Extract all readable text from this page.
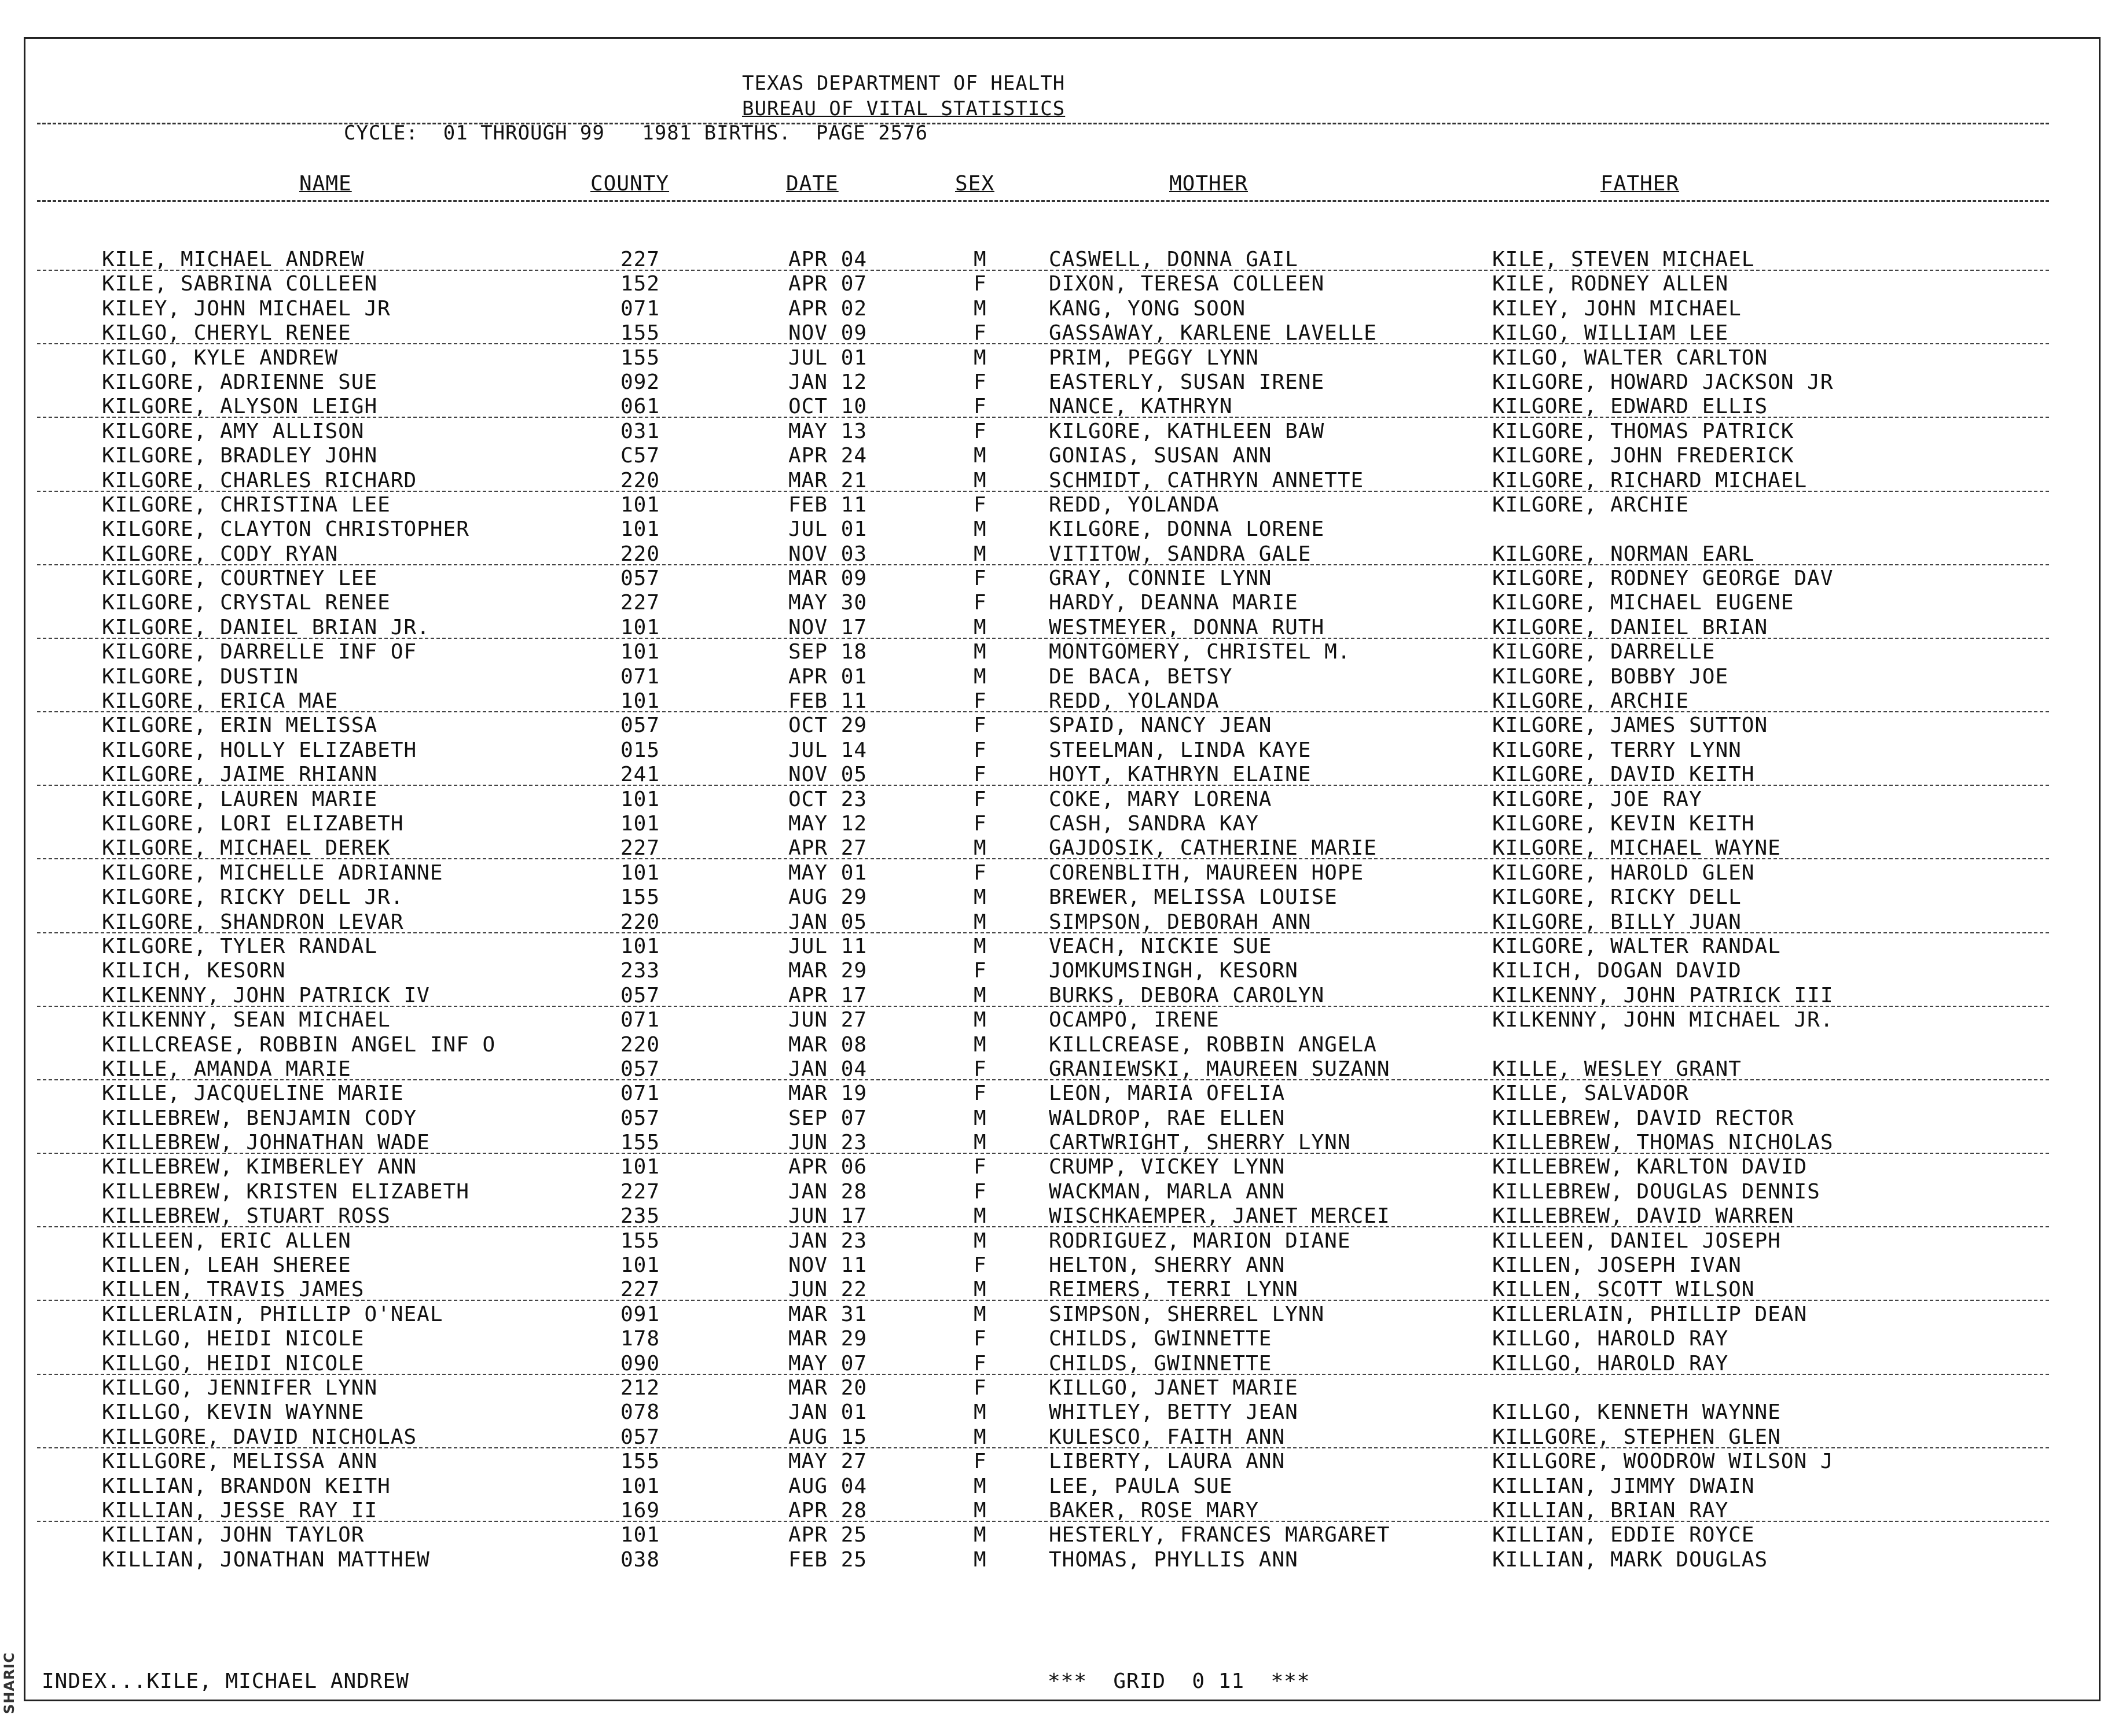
SHARIC
TEXAS DEPARTMENT OF HEALTH
BUREAU OF VITAL STATISTICS
CYCLE:  01 THROUGH 99   1981 BIRTHS.  PAGE 2576
NAME	COUNTY	DATE	SEX	MOTHER	FATHER
KILE, MICHAEL ANDREW	227	APR 04	M	CASWELL, DONNA GAIL	KILE, STEVEN MICHAEL
KILE, SABRINA COLLEEN	152	APR 07	F	DIXON, TERESA COLLEEN	KILE, RODNEY ALLEN
KILEY, JOHN MICHAEL JR	071	APR 02	M	KANG, YONG SOON	KILEY, JOHN MICHAEL
KILGO, CHERYL RENEE	155	NOV 09	F	GASSAWAY, KARLENE LAVELLE	KILGO, WILLIAM LEE
KILGO, KYLE ANDREW	155	JUL 01	M	PRIM, PEGGY LYNN	KILGO, WALTER CARLTON
KILGORE, ADRIENNE SUE	092	JAN 12	F	EASTERLY, SUSAN IRENE	KILGORE, HOWARD JACKSON JR
KILGORE, ALYSON LEIGH	061	OCT 10	F	NANCE, KATHRYN	KILGORE, EDWARD ELLIS
KILGORE, AMY ALLISON	031	MAY 13	F	KILGORE, KATHLEEN BAW	KILGORE, THOMAS PATRICK
KILGORE, BRADLEY JOHN	C57	APR 24	M	GONIAS, SUSAN ANN	KILGORE, JOHN FREDERICK
KILGORE, CHARLES RICHARD	220	MAR 21	M	SCHMIDT, CATHRYN ANNETTE	KILGORE, RICHARD MICHAEL
KILGORE, CHRISTINA LEE	101	FEB 11	F	REDD, YOLANDA	KILGORE, ARCHIE
KILGORE, CLAYTON CHRISTOPHER	101	JUL 01	M	KILGORE, DONNA LORENE
KILGORE, CODY RYAN	220	NOV 03	M	VITITOW, SANDRA GALE	KILGORE, NORMAN EARL
KILGORE, COURTNEY LEE	057	MAR 09	F	GRAY, CONNIE LYNN	KILGORE, RODNEY GEORGE DAV
KILGORE, CRYSTAL RENEE	227	MAY 30	F	HARDY, DEANNA MARIE	KILGORE, MICHAEL EUGENE
KILGORE, DANIEL BRIAN JR.	101	NOV 17	M	WESTMEYER, DONNA RUTH	KILGORE, DANIEL BRIAN
KILGORE, DARRELLE INF OF	101	SEP 18	M	MONTGOMERY, CHRISTEL M.	KILGORE, DARRELLE
KILGORE, DUSTIN	071	APR 01	M	DE BACA, BETSY	KILGORE, BOBBY JOE
KILGORE, ERICA MAE	101	FEB 11	F	REDD, YOLANDA	KILGORE, ARCHIE
KILGORE, ERIN MELISSA	057	OCT 29	F	SPAID, NANCY JEAN	KILGORE, JAMES SUTTON
KILGORE, HOLLY ELIZABETH	015	JUL 14	F	STEELMAN, LINDA KAYE	KILGORE, TERRY LYNN
KILGORE, JAIME RHIANN	241	NOV 05	F	HOYT, KATHRYN ELAINE	KILGORE, DAVID KEITH
KILGORE, LAUREN MARIE	101	OCT 23	F	COKE, MARY LORENA	KILGORE, JOE RAY
KILGORE, LORI ELIZABETH	101	MAY 12	F	CASH, SANDRA KAY	KILGORE, KEVIN KEITH
KILGORE, MICHAEL DEREK	227	APR 27	M	GAJDOSIK, CATHERINE MARIE	KILGORE, MICHAEL WAYNE
KILGORE, MICHELLE ADRIANNE	101	MAY 01	F	CORENBLITH, MAUREEN HOPE	KILGORE, HAROLD GLEN
KILGORE, RICKY DELL JR.	155	AUG 29	M	BREWER, MELISSA LOUISE	KILGORE, RICKY DELL
KILGORE, SHANDRON LEVAR	220	JAN 05	M	SIMPSON, DEBORAH ANN	KILGORE, BILLY JUAN
KILGORE, TYLER RANDAL	101	JUL 11	M	VEACH, NICKIE SUE	KILGORE, WALTER RANDAL
KILICH, KESORN	233	MAR 29	F	JOMKUMSINGH, KESORN	KILICH, DOGAN DAVID
KILKENNY, JOHN PATRICK IV	057	APR 17	M	BURKS, DEBORA CAROLYN	KILKENNY, JOHN PATRICK III
KILKENNY, SEAN MICHAEL	071	JUN 27	M	OCAMPO, IRENE	KILKENNY, JOHN MICHAEL JR.
KILLCREASE, ROBBIN ANGEL INF O	220	MAR 08	M	KILLCREASE, ROBBIN ANGELA
KILLE, AMANDA MARIE	057	JAN 04	F	GRANIEWSKI, MAUREEN SUZANN	KILLE, WESLEY GRANT
KILLE, JACQUELINE MARIE	071	MAR 19	F	LEON, MARIA OFELIA	KILLE, SALVADOR
KILLEBREW, BENJAMIN CODY	057	SEP 07	M	WALDROP, RAE ELLEN	KILLEBREW, DAVID RECTOR
KILLEBREW, JOHNATHAN WADE	155	JUN 23	M	CARTWRIGHT, SHERRY LYNN	KILLEBREW, THOMAS NICHOLAS
KILLEBREW, KIMBERLEY ANN	101	APR 06	F	CRUMP, VICKEY LYNN	KILLEBREW, KARLTON DAVID
KILLEBREW, KRISTEN ELIZABETH	227	JAN 28	F	WACKMAN, MARLA ANN	KILLEBREW, DOUGLAS DENNIS
KILLEBREW, STUART ROSS	235	JUN 17	M	WISCHKAEMPER, JANET MERCEI	KILLEBREW, DAVID WARREN
KILLEEN, ERIC ALLEN	155	JAN 23	M	RODRIGUEZ, MARION DIANE	KILLEEN, DANIEL JOSEPH
KILLEN, LEAH SHEREE	101	NOV 11	F	HELTON, SHERRY ANN	KILLEN, JOSEPH IVAN
KILLEN, TRAVIS JAMES	227	JUN 22	M	REIMERS, TERRI LYNN	KILLEN, SCOTT WILSON
KILLERLAIN, PHILLIP O'NEAL	091	MAR 31	M	SIMPSON, SHERREL LYNN	KILLERLAIN, PHILLIP DEAN
KILLGO, HEIDI NICOLE	178	MAR 29	F	CHILDS, GWINNETTE	KILLGO, HAROLD RAY
KILLGO, HEIDI NICOLE	090	MAY 07	F	CHILDS, GWINNETTE	KILLGO, HAROLD RAY
KILLGO, JENNIFER LYNN	212	MAR 20	F	KILLGO, JANET MARIE
KILLGO, KEVIN WAYNNE	078	JAN 01	M	WHITLEY, BETTY JEAN	KILLGO, KENNETH WAYNNE
KILLGORE, DAVID NICHOLAS	057	AUG 15	M	KULESCO, FAITH ANN	KILLGORE, STEPHEN GLEN
KILLGORE, MELISSA ANN	155	MAY 27	F	LIBERTY, LAURA ANN	KILLGORE, WOODROW WILSON J
KILLIAN, BRANDON KEITH	101	AUG 04	M	LEE, PAULA SUE	KILLIAN, JIMMY DWAIN
KILLIAN, JESSE RAY II	169	APR 28	M	BAKER, ROSE MARY	KILLIAN, BRIAN RAY
KILLIAN, JOHN TAYLOR	101	APR 25	M	HESTERLY, FRANCES MARGARET	KILLIAN, EDDIE ROYCE
KILLIAN, JONATHAN MATTHEW	038	FEB 25	M	THOMAS, PHYLLIS ANN	KILLIAN, MARK DOUGLAS
INDEX...KILE, MICHAEL ANDREW	***  GRID  0 11  ***
